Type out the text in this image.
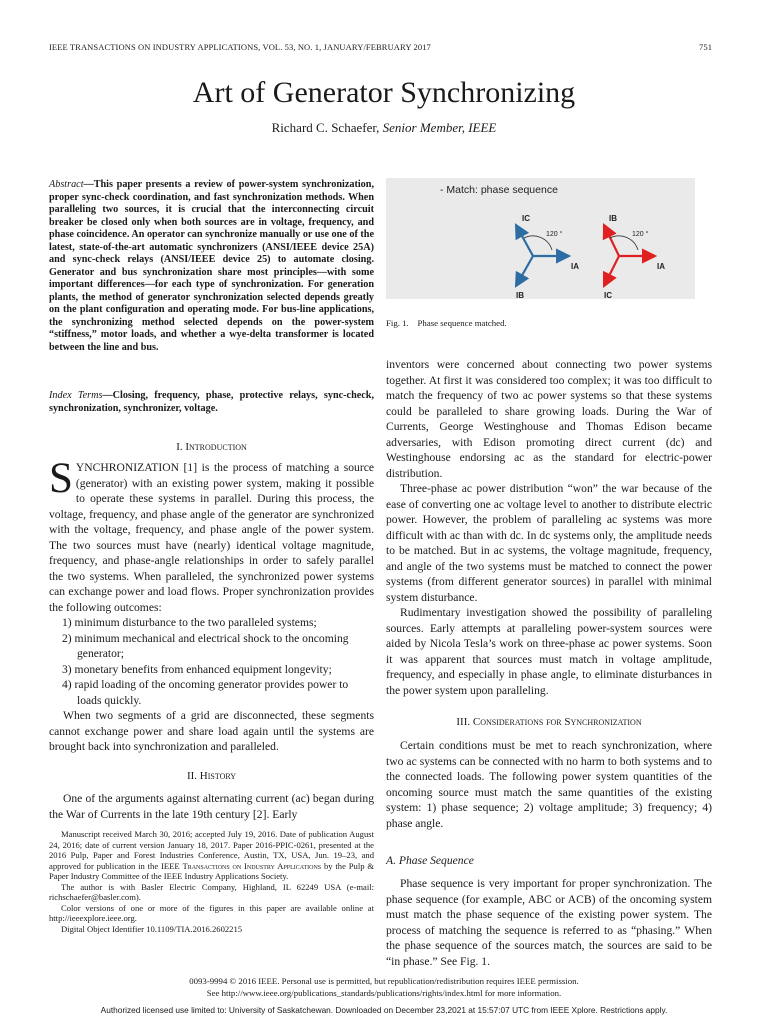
IEEE TRANSACTIONS ON INDUSTRY APPLICATIONS, VOL. 53, NO. 1, JANUARY/FEBRUARY 2017	751
Art of Generator Synchronizing
Richard C. Schaefer, Senior Member, IEEE
Abstract—This paper presents a review of power-system synchronization, proper sync-check coordination, and fast synchronization methods. When paralleling two sources, it is crucial that the interconnecting circuit breaker be closed only when both sources are in voltage, frequency, and phase coincidence. An operator can synchronize manually or use one of the latest, state-of-the-art automatic synchronizers (ANSI/IEEE device 25A) and sync-check relays (ANSI/IEEE device 25) to automate closing. Generator and bus synchronization share most principles—with some important differences—for each type of synchronization. For generation plants, the method of generator synchronization selected depends greatly on the plant configuration and operating mode. For bus-line applications, the synchronizing method selected depends on the power-system “stiffness,” motor loads, and whether a wye-delta transformer is located between the line and bus.
Index Terms—Closing, frequency, phase, protective relays, sync-check, synchronization, synchronizer, voltage.

I. Introduction

SYNCHRONIZATION [1] is the process of matching a source (generator) with an existing power system, making it possible to operate these systems in parallel. During this process, the voltage, frequency, and phase angle of the generator are synchronized with the voltage, frequency, and phase angle of the power system. The two sources must have (nearly) identical voltage magnitude, frequency, and phase-angle relationships in order to safely parallel the two systems. When paralleled, the synchronized power systems can exchange power and load flows. Proper synchronization provides the following outcomes:

1) minimum disturbance to the two paralleled systems;
2) minimum mechanical and electrical shock to the oncoming generator;
3) monetary benefits from enhanced equipment longevity;
4) rapid loading of the oncoming generator provides power to loads quickly.

When two segments of a grid are disconnected, these segments cannot exchange power and share load again until the systems are brought back into synchronization and paralleled.

II. History

One of the arguments against alternating current (ac) began during the War of Currents in the late 19th century [2]. Early

Manuscript received March 30, 2016; accepted July 19, 2016. Date of publication August 24, 2016; date of current version January 18, 2017. Paper 2016-PPIC-0261, presented at the 2016 Pulp, Paper and Forest Industries Conference, Austin, TX, USA, Jun. 19–23, and approved for publication in the IEEE Transactions on Industry Applications by the Pulp & Paper Industry Committee of the IEEE Industry Applications Society.

The author is with Basler Electric Company, Highland, IL 62249 USA (e-mail: richschaefer@basler.com).

Color versions of one or more of the figures in this paper are available online at http://ieeexplore.ieee.org.

Digital Object Identifier 10.1109/TIA.2016.2602215

- Match: phase sequence
IC
IA
IB
120 °
IB
IA
IC
120 °
Fig. 1. Phase sequence matched.

inventors were concerned about connecting two power systems together. At first it was considered too complex; it was too difficult to match the frequency of two ac power systems so that these systems could be paralleled to share growing loads. During the War of Currents, George Westinghouse and Thomas Edison became adversaries, with Edison promoting direct current (dc) and Westinghouse endorsing ac as the standard for electric-power distribution.

Three-phase ac power distribution “won” the war because of the ease of converting one ac voltage level to another to distribute electric power. However, the problem of paralleling ac systems was more difficult with ac than with dc. In dc systems only, the amplitude needs to be matched. But in ac systems, the voltage magnitude, frequency, and angle of the two systems must be matched to connect the power systems (from different generator sources) in parallel with minimal system disturbance.

Rudimentary investigation showed the possibility of paralleling sources. Early attempts at paralleling power-system sources were aided by Nicola Tesla’s work on three-phase ac power systems. Soon it was apparent that sources must match in voltage amplitude, frequency, and especially in phase angle, to eliminate disturbances in the power system upon paralleling.

III. Considerations for Synchronization

Certain conditions must be met to reach synchronization, where two ac systems can be connected with no harm to both systems and to the connected loads. The following power system quantities of the oncoming source must match the same quantities of the existing system: 1) phase sequence; 2) voltage amplitude; 3) frequency; 4) phase angle.

A. Phase Sequence

Phase sequence is very important for proper synchronization. The phase sequence (for example, ABC or ACB) of the oncoming system must match the phase sequence of the existing power system. The process of matching the sequence is referred to as “phasing.” When the phase sequence of the sources match, the sources are said to be “in phase.” See Fig. 1.

0093-9994 © 2016 IEEE. Personal use is permitted, but republication/redistribution requires IEEE permission.
See http://www.ieee.org/publications_standards/publications/rights/index.html for more information.
Authorized licensed use limited to: University of Saskatchewan. Downloaded on December 23,2021 at 15:57:07 UTC from IEEE Xplore. Restrictions apply.
